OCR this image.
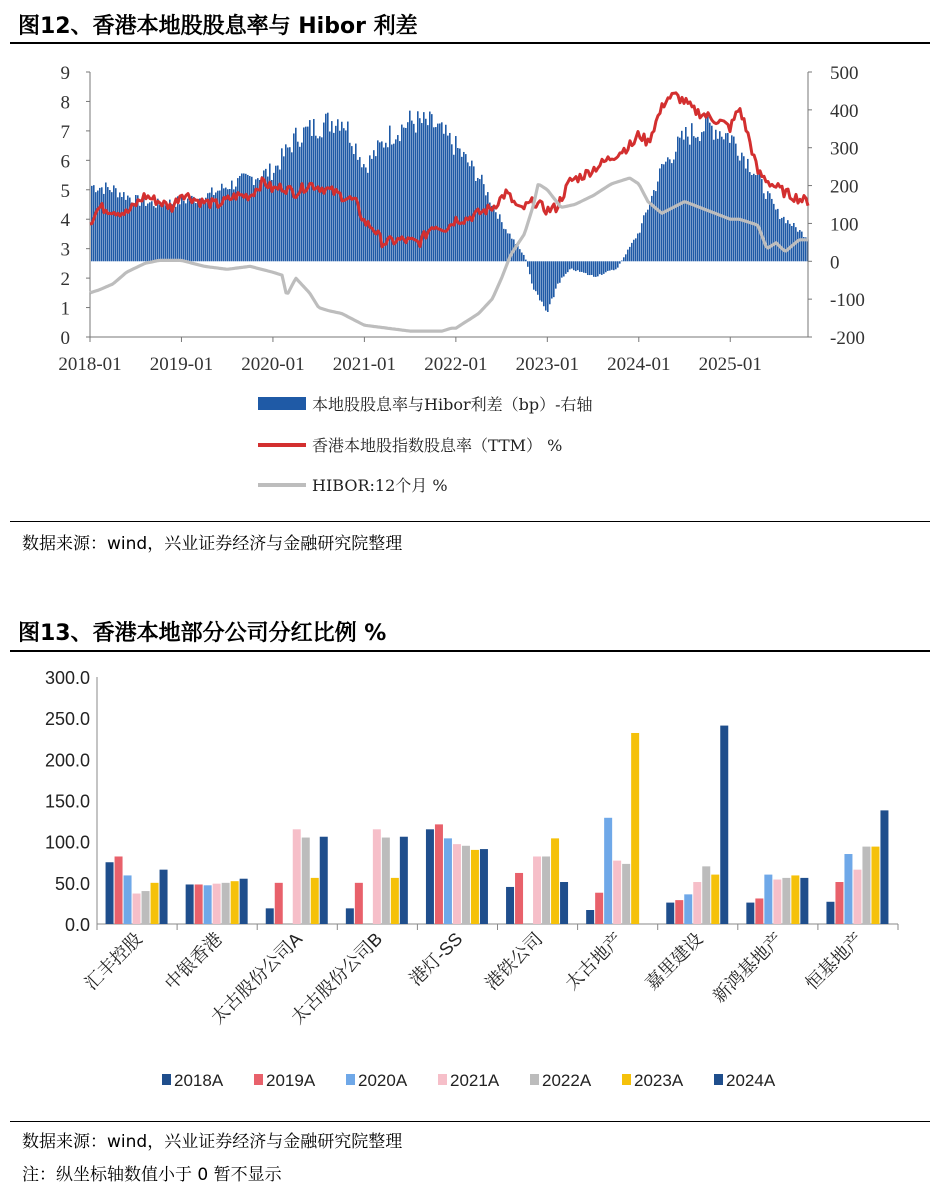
图12、香港本地股股息率与 Hibor 利差
9
8
7
6
5
4
3
2
1
0
500
400
300
200
100
0
-100
-200
2018-01 2019-01 2020-01 2021-01 2022-01 2023-01 2024-01 2025-01
本地股股息率与Hibor利差（bp）-右轴
香港本地股指数股息率（TTM） %
HIBOR:12个月 %
数据来源：wind，兴业证券经济与金融研究院整理
图13、香港本地部分公司分红比例 %
300.0
250.0
200.0
150.0
100.0
50.0
0.0
汇丰控股 中银香港
太古股份公司A
太古股份公司B 港灯-SS 港铁公司 太古地产 嘉里建设 新鸿基地产 恒基地产
2018A	2019A	2020A	2021A	2022A	2023A	2024A
数据来源：wind，兴业证券经济与金融研究院整理
注：纵坐标轴数值小于 0 暂不显示
